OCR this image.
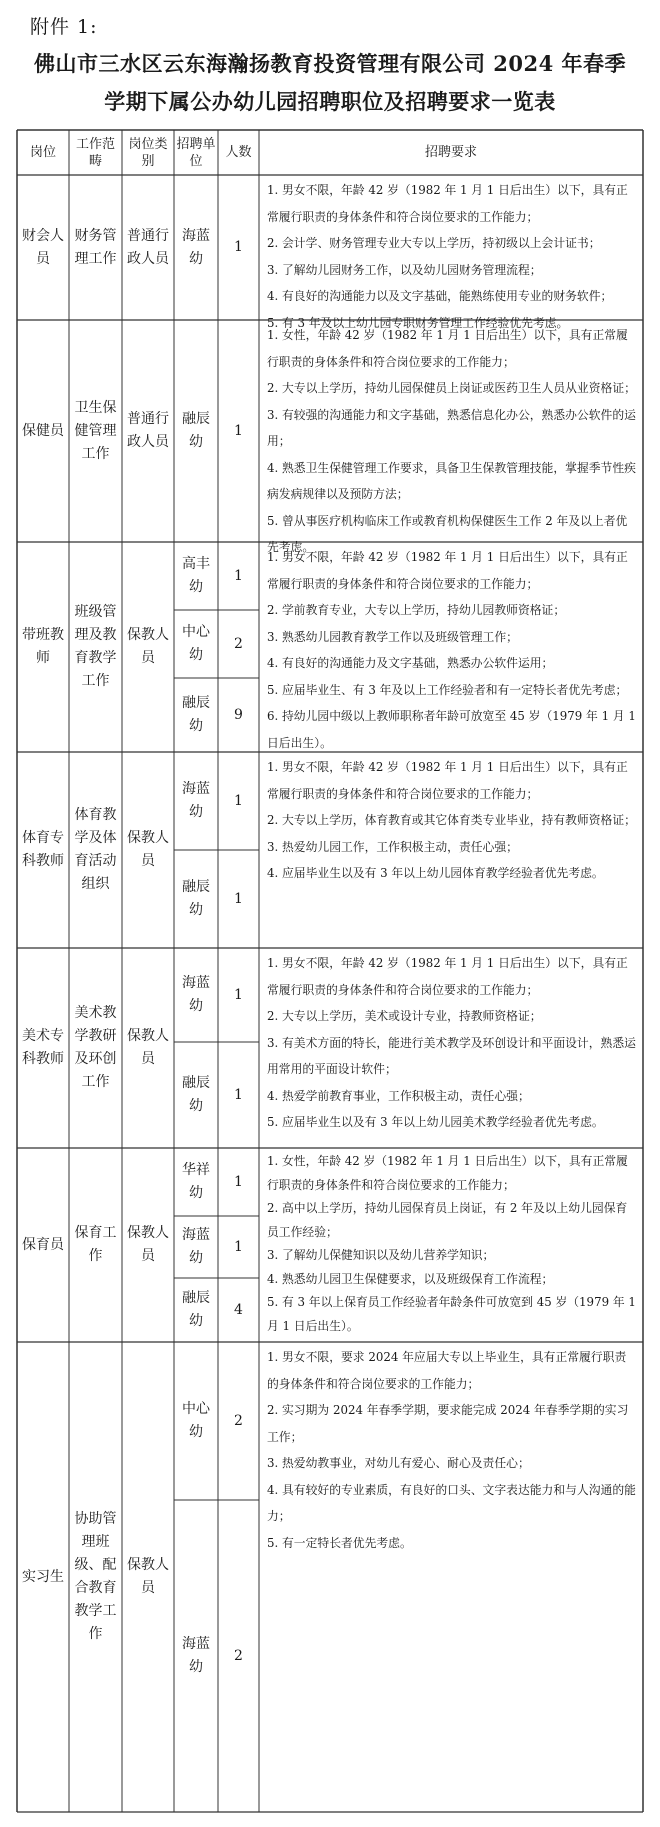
附件 1:
佛山市三水区云东海瀚扬教育投资管理有限公司 2024 年春季
学期下属公办幼儿园招聘职位及招聘要求一览表
岗位
工作范畴
岗位类别
招聘单位
人数	招聘要求
财会人员
财务管理工作
普通行政人员
海蓝幼
1
1. 男女不限，年龄 42 岁（1982 年 1 月 1 日后出生）以下，具有正常履行职责的身体条件和符合岗位要求的工作能力；
2. 会计学、财务管理专业大专以上学历，持初级以上会计证书；
3. 了解幼儿园财务工作，以及幼儿园财务管理流程；
4. 有良好的沟通能力以及文字基础，能熟练使用专业的财务软件；
5. 有 3 年及以上幼儿园专职财务管理工作经验优先考虑。
保健员
卫生保健管理工作
普通行政人员
融辰幼
1
1. 女性，年龄 42 岁（1982 年 1 月 1 日后出生）以下，具有正常履行职责的身体条件和符合岗位要求的工作能力；
2. 大专以上学历，持幼儿园保健员上岗证或医药卫生人员从业资格证；
3. 有较强的沟通能力和文字基础，熟悉信息化办公，熟悉办公软件的运用；
4. 熟悉卫生保健管理工作要求，具备卫生保教管理技能，掌握季节性疾病发病规律以及预防方法；
5. 曾从事医疗机构临床工作或教育机构保健医生工作 2 年及以上者优先考虑。
带班教师
班级管理及教育教学工作
保教人员
高丰幼
1
中心幼
2
融辰幼
9
1. 男女不限，年龄 42 岁（1982 年 1 月 1 日后出生）以下，具有正常履行职责的身体条件和符合岗位要求的工作能力；
2. 学前教育专业，大专以上学历，持幼儿园教师资格证；
3. 熟悉幼儿园教育教学工作以及班级管理工作；
4. 有良好的沟通能力及文字基础，熟悉办公软件运用；
5. 应届毕业生、有 3 年及以上工作经验者和有一定特长者优先考虑；
6. 持幼儿园中级以上教师职称者年龄可放宽至 45 岁（1979 年 1 月 1 日后出生）。
体育专科教师
体育教学及体育活动组织
保教人员
海蓝幼
1
融辰幼
1
1. 男女不限，年龄 42 岁（1982 年 1 月 1 日后出生）以下，具有正常履行职责的身体条件和符合岗位要求的工作能力；
2. 大专以上学历，体育教育或其它体育类专业毕业，持有教师资格证；
3. 热爱幼儿园工作，工作积极主动，责任心强；
4. 应届毕业生以及有 3 年以上幼儿园体育教学经验者优先考虑。
美术专科教师
美术教学教研及环创工作
保教人员
海蓝幼
1
融辰幼
1
1. 男女不限，年龄 42 岁（1982 年 1 月 1 日后出生）以下，具有正常履行职责的身体条件和符合岗位要求的工作能力；
2. 大专以上学历，美术或设计专业，持教师资格证；
3. 有美术方面的特长，能进行美术教学及环创设计和平面设计，熟悉运用常用的平面设计软件；
4. 热爱学前教育事业，工作积极主动，责任心强；
5. 应届毕业生以及有 3 年以上幼儿园美术教学经验者优先考虑。
保育员
保育工作
保教人员
华祥幼
1
海蓝幼
1
融辰幼
4
1. 女性，年龄 42 岁（1982 年 1 月 1 日后出生）以下，具有正常履行职责的身体条件和符合岗位要求的工作能力；
2. 高中以上学历，持幼儿园保育员上岗证，有 2 年及以上幼儿园保育员工作经验；
3. 了解幼儿保健知识以及幼儿营养学知识；
4. 熟悉幼儿园卫生保健要求，以及班级保育工作流程；
5. 有 3 年以上保育员工作经验者年龄条件可放宽到 45 岁（1979 年 1 月 1 日后出生）。
实习生
协助管理班级、配合教育教学工作
保教人员
中心幼
2
海蓝幼
2
1. 男女不限，要求 2024 年应届大专以上毕业生，具有正常履行职责的身体条件和符合岗位要求的工作能力；
2. 实习期为 2024 年春季学期，要求能完成 2024 年春季学期的实习工作；
3. 热爱幼教事业，对幼儿有爱心、耐心及责任心；
4. 具有较好的专业素质，有良好的口头、文字表达能力和与人沟通的能力；
5. 有一定特长者优先考虑。
